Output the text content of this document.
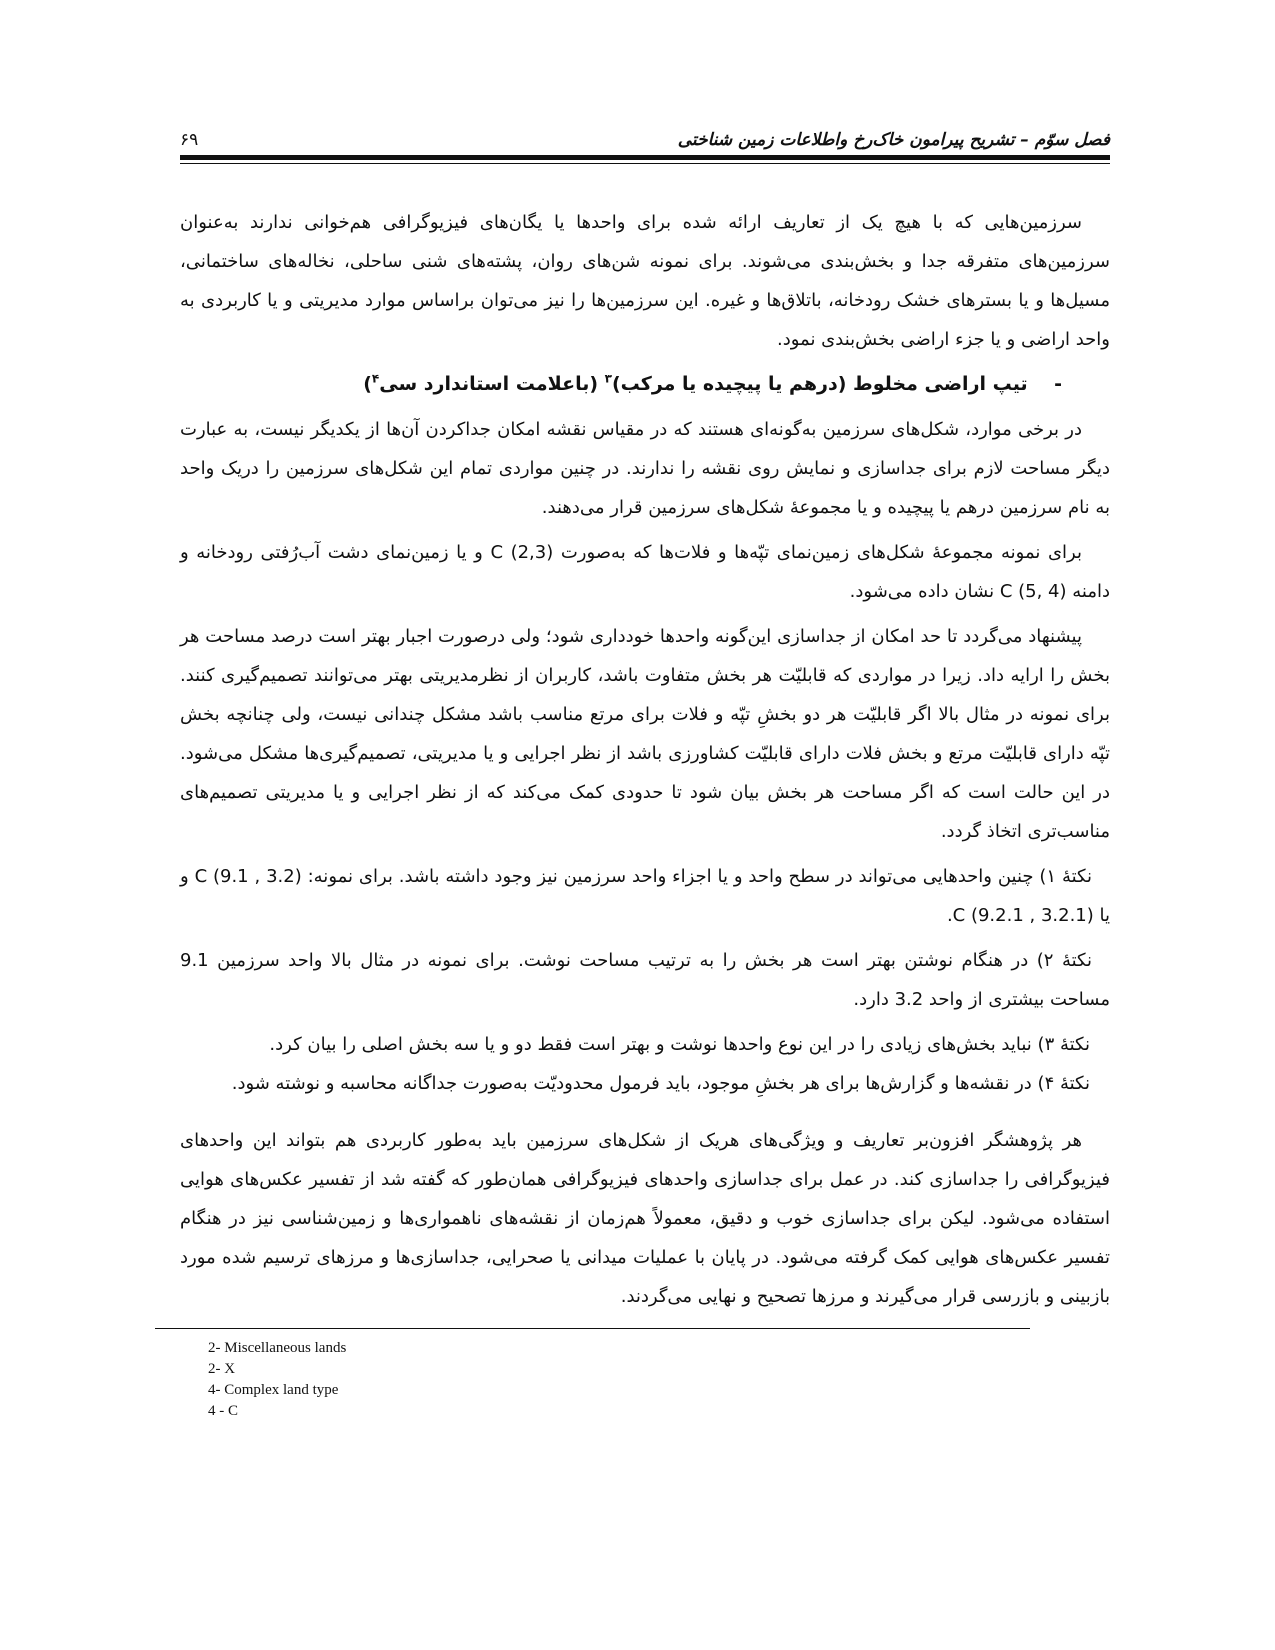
فصل سوّم – تشریح پیرامون خاک‌رخ واطلاعات زمین شناختی
۶۹

سرزمین‌هایی که با هیچ یک از تعاریف ارائه شده برای واحدها یا یگان‌های فیزیوگرافی هم‌خوانی ندارند به‌عنوان سرزمین‌های متفرقه جدا و بخش‌بندی می‌شوند. برای نمونه شن‌های روان، پشته‌های شنی ساحلی، نخاله‌های ساختمانی، مسیل‌ها و یا بسترهای خشک رودخانه، باتلاق‌ها و غیره. این سرزمین‌ها را نیز می‌توان براساس موارد مدیریتی و یا کاربردی به واحد اراضی و یا جزء اراضی بخش‌بندی نمود.

-    تیپ اراضی مخلوط (درهم یا پیچیده یا مرکب)$^۳$ (باعلامت استاندارد سی$^۴$)

در برخی موارد، شکل‌های سرزمین به‌گونه‌ای هستند که در مقیاس نقشه امکان جداکردن آن‌ها از یکدیگر نیست، به عبارت دیگر مساحت لازم برای جداسازی و نمایش روی نقشه را ندارند. در چنین مواردی تمام این شکل‌های سرزمین را دریک واحد به نام سرزمین درهم یا پیچیده و یا مجموعهٔ شکل‌های سرزمین قرار می‌دهند.

برای نمونه مجموعهٔ شکل‌های زمین‌نمای تپّه‌ها و فلات‌ها که به‌صورت C (2,3) و یا زمین‌نمای دشت آب‌رُفتی رودخانه و دامنه C (5, 4) نشان داده می‌شود.

پیشنهاد می‌گردد تا حد امکان از جداسازی این‌گونه واحدها خودداری شود؛ ولی درصورت اجبار بهتر است درصد مساحت هر بخش را ارایه داد. زیرا در مواردی که قابلیّت هر بخش متفاوت باشد، کاربران از نظرمدیریتی بهتر می‌توانند تصمیم‌گیری کنند. برای نمونه در مثال بالا اگر قابلیّت هر دو بخشِ تپّه و فلات برای مرتع مناسب باشد مشکل چندانی نیست، ولی چنانچه بخش تپّه دارای قابلیّت مرتع و بخش فلات دارای قابلیّت کشاورزی باشد از نظر اجرایی و یا مدیریتی، تصمیم‌گیری‌ها مشکل می‌شود. در این حالت است که اگر مساحت هر بخش بیان شود تا حدودی کمک می‌کند که از نظر اجرایی و یا مدیریتی تصمیم‌های مناسب‌تری اتخاذ گردد.

نکتهٔ ۱) چنین واحدهایی می‌تواند در سطح واحد و یا اجزاء واحد سرزمین نیز وجود داشته باشد. برای نمونه: C (9.1 , 3.2) و یا C (9.2.1 , 3.2.1).

نکتهٔ ۲) در هنگام نوشتن بهتر است هر بخش را به ترتیب مساحت نوشت. برای نمونه در مثال بالا واحد سرزمین 9.1 مساحت بیشتری از واحد 3.2 دارد.

نکتهٔ ۳) نباید بخش‌های زیادی را در این نوع واحدها نوشت و بهتر است فقط دو و یا سه بخش اصلی را بیان کرد.

نکتهٔ ۴) در نقشه‌ها و گزارش‌ها برای هر بخشِ موجود، باید فرمول محدودیّت به‌صورت جداگانه محاسبه و نوشته شود.

هر پژوهشگر افزون‌بر تعاریف و ویژگی‌های هریک از شکل‌های سرزمین باید به‌طور کاربردی هم بتواند این واحدهای فیزیوگرافی را جداسازی کند. در عمل برای جداسازی واحدهای فیزیوگرافی همان‌طور که گفته شد از تفسیر عکس‌های هوایی استفاده می‌شود. لیکن برای جداسازی خوب و دقیق، معمولاً هم‌زمان از نقشه‌های ناهمواری‌ها و زمین‌شناسی نیز در هنگام تفسیر عکس‌های هوایی کمک گرفته می‌شود. در پایان با عملیات میدانی یا صحرایی، جداسازی‌ها و مرزهای ترسیم شده مورد بازبینی و بازرسی قرار می‌گیرند و مرزها تصحیح و نهایی می‌گردند.

2- Miscellaneous lands
2- X
4- Complex land type
4 - C
